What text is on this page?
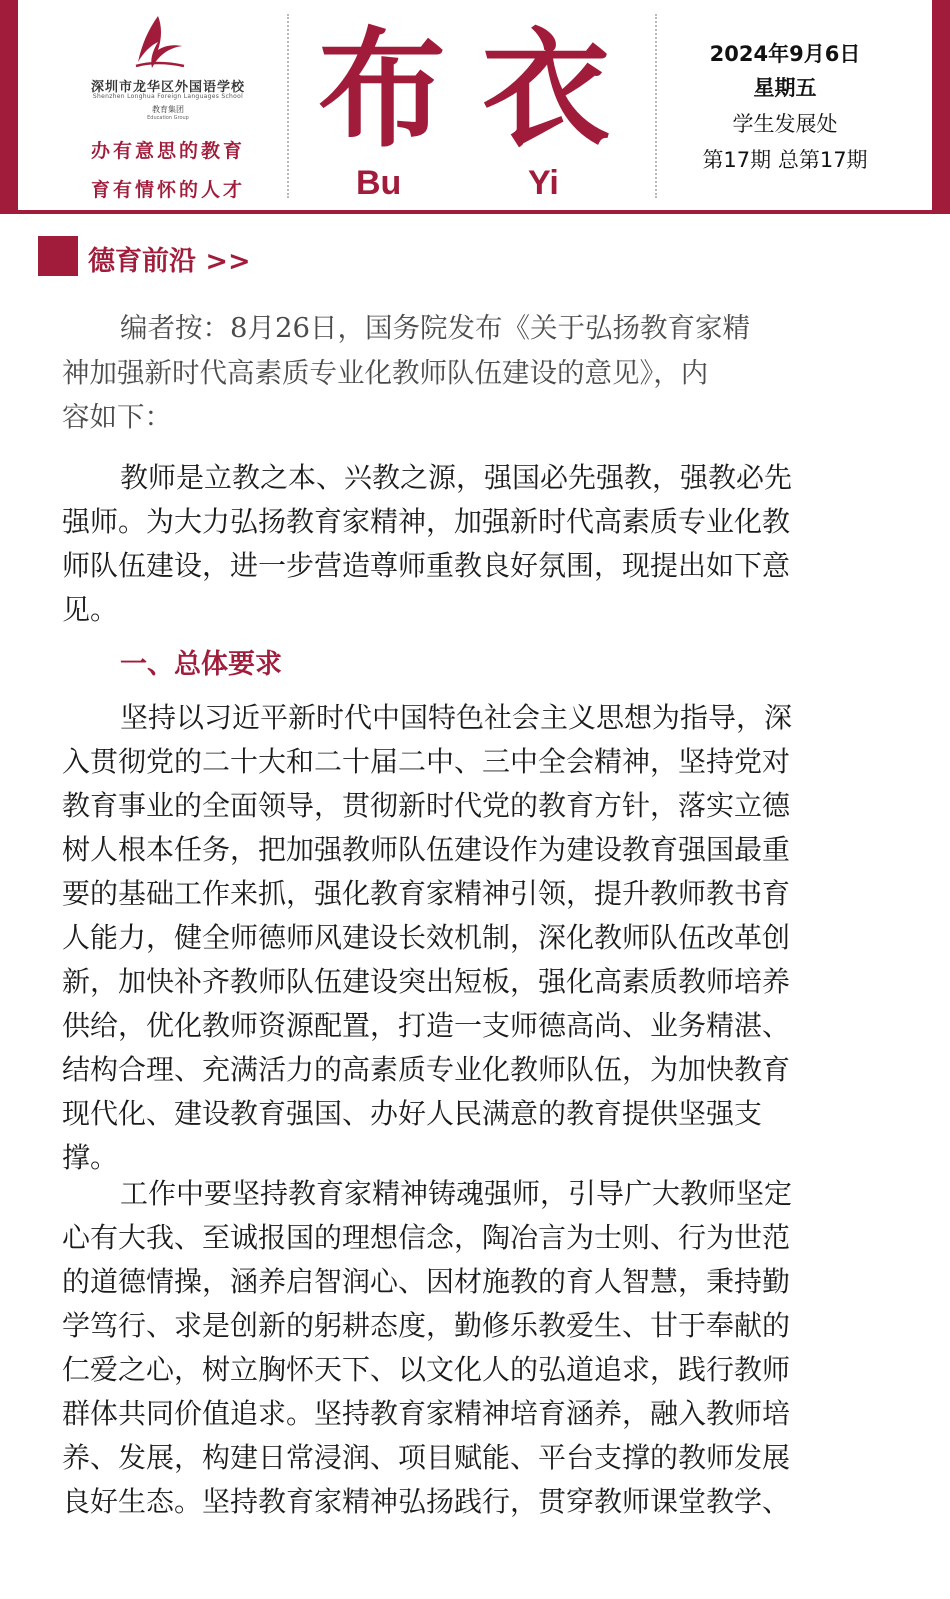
深圳市龙华区外国语学校
Shenzhen Longhua Foreign Languages School
教育集团
Education Group
办有意思的教育
育有情怀的人才
布 衣
Bu	Yi
2024年9月6日
星期五
学生发展处
第17期 总第17期
德育前沿 >>
编者按：8月26日，国务院发布《关于弘扬教育家精
神加强新时代高素质专业化教师队伍建设的意见》，内
容如下：
教师是立教之本、兴教之源，强国必先强教，强教必先
强师。为大力弘扬教育家精神，加强新时代高素质专业化教
师队伍建设，进一步营造尊师重教良好氛围，现提出如下意
见。
一、总体要求
坚持以习近平新时代中国特色社会主义思想为指导，深
入贯彻党的二十大和二十届二中、三中全会精神，坚持党对
教育事业的全面领导，贯彻新时代党的教育方针，落实立德
树人根本任务，把加强教师队伍建设作为建设教育强国最重
要的基础工作来抓，强化教育家精神引领，提升教师教书育
人能力，健全师德师风建设长效机制，深化教师队伍改革创
新，加快补齐教师队伍建设突出短板，强化高素质教师培养
供给，优化教师资源配置，打造一支师德高尚、业务精湛、
结构合理、充满活力的高素质专业化教师队伍，为加快教育
现代化、建设教育强国、办好人民满意的教育提供坚强支
撑。
工作中要坚持教育家精神铸魂强师，引导广大教师坚定
心有大我、至诚报国的理想信念，陶冶言为士则、行为世范
的道德情操，涵养启智润心、因材施教的育人智慧，秉持勤
学笃行、求是创新的躬耕态度，勤修乐教爱生、甘于奉献的
仁爱之心，树立胸怀天下、以文化人的弘道追求，践行教师
群体共同价值追求。坚持教育家精神培育涵养，融入教师培
养、发展，构建日常浸润、项目赋能、平台支撑的教师发展
良好生态。坚持教育家精神弘扬践行，贯穿教师课堂教学、
